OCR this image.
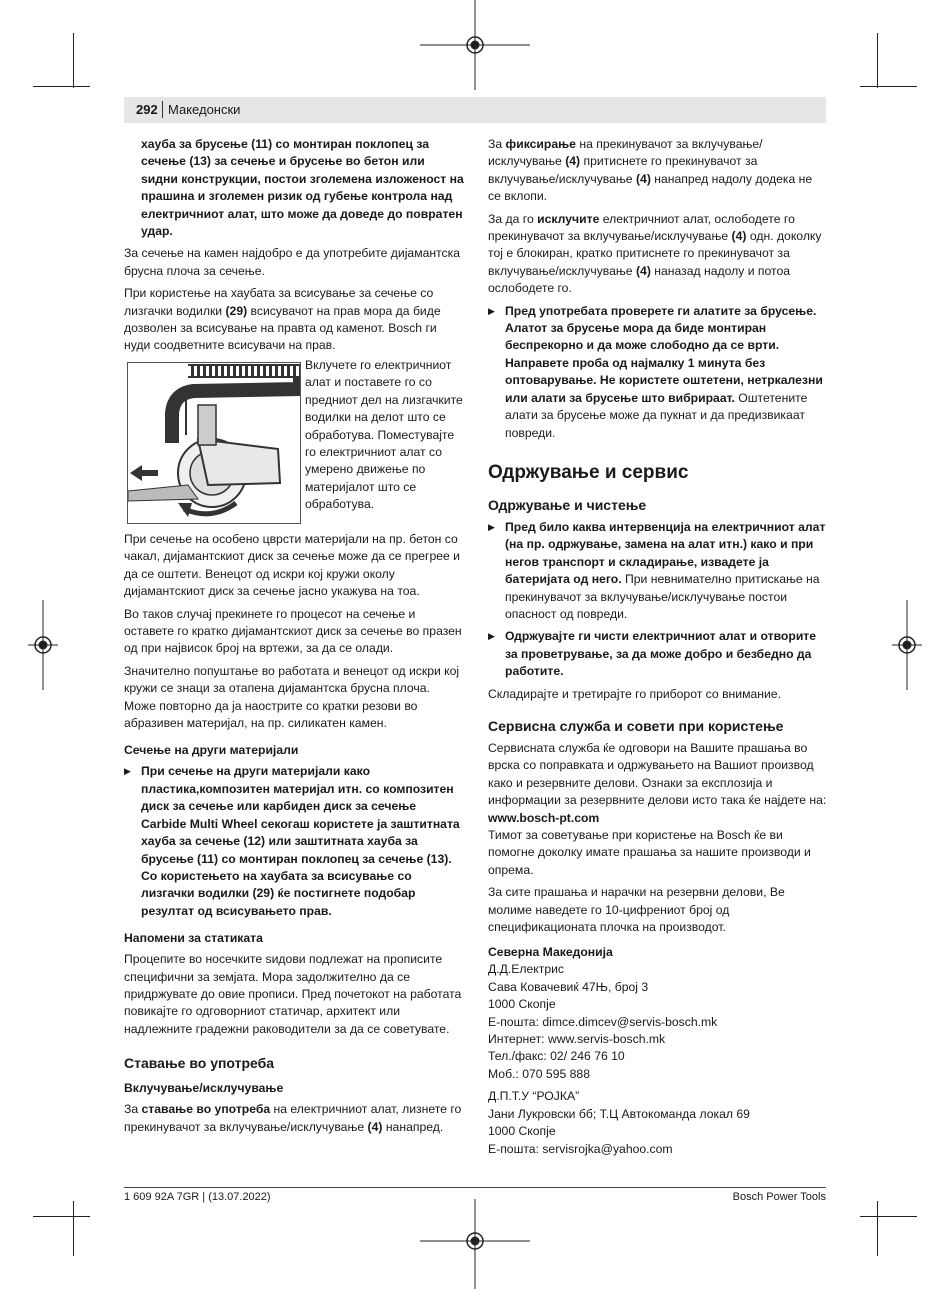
292 Македонски

хауба за брусење (11) со монтиран поклопец за сечење (13) за сечење и брусење во бетон или ѕидни конструкции, постои зголемена изложеност на прашина и зголемен ризик од губење контрола над електричниот алат, што може да доведе до повратен удар.

За сечење на камен најдобро е да употребите дијамантска брусна плоча за сечење.

При користење на хаубата за всисување за сечење со лизгачки водилки (29) всисувачот на прав мора да биде дозволен за всисување на правта од каменот. Bosch ги нуди соодветните всисувачи на прав.

Вклучете го електричниот алат и поставете го со предниот дел на лизгачките водилки на делот што се обработува. Поместувајте го електричниот алат со умерено движење по материјалот што се обработува.

При сечење на особено цврсти материјали на пр. бетон со чакал, дијамантскиот диск за сечење може да се прегрее и да се оштети. Венецот од искри кој кружи околу дијамантскиот диск за сечење јасно укажува на тоа.

Во таков случај прекинете го процесот на сечење и оставете го кратко дијамантскиот диск за сечење во празен од при највисок број на вртежи, за да се олади.

Значително попуштање во работата и венецот од искри кој кружи се знаци за отапена дијамантска брусна плоча. Може повторно да ја наострите со кратки резови во абразивен материјал, на пр. силикатен камен.

Сечење на други материјали

▶ При сечење на други материјали како пластика,композитен материјал итн. со композитен диск за сечење или карбиден диск за сечење Carbide Multi Wheel секогаш користете ја заштитната хауба за сечење (12) или заштитната хауба за брусење (11) со монтиран поклопец за сечење (13). Со користењето на хаубата за всисување со лизгачки водилки (29) ќе постигнете подобар резултат од всисувањето прав.

Напомени за статиката

Процепите во носечките ѕидови подлежат на прописите специфични за земјата. Мора задолжително да се придржувате до овие прописи. Пред почетокот на работата повикајте го одговорниот статичар, архитект или надлежните градежни раководители за да се советувате.

Ставање во употреба
Вклучување/исклучување

За ставање во употреба на електричниот алат, лизнете го прекинувачот за вклучување/исклучување (4) нанапред.

За фиксирање на прекинувачот за вклучување/исклучување (4) притиснете го прекинувачот за вклучување/исклучување (4) нанапред надолу додека не се вклопи.

За да го исклучите електричниот алат, ослободете го прекинувачот за вклучување/исклучување (4) одн. доколку тој е блокиран, кратко притиснете го прекинувачот за вклучување/исклучување (4) наназад надолу и потоа ослободете го.

▶ Пред употребата проверете ги алатите за брусење. Алатот за брусење мора да биде монтиран беспрекорно и да може слободно да се врти. Направете проба од најмалку 1 минута без оптоварување. Не користете оштетени, нетркалезни или алати за брусење што вибрираат. Оштетените алати за брусење може да пукнат и да предизвикаат повреди.

Одржување и сервис
Одржување и чистење

▶ Пред било каква интервенција на електричниот алат (на пр. одржување, замена на алат итн.) како и при негов транспорт и складирање, извадете ја батеријата од него. При невнимателно притискање на прекинувачот за вклучување/исклучување постои опасност од повреди.

▶ Одржувајте ги чисти електричниот алат и отворите за проветрување, за да може добро и безбедно да работите.

Складирајте и третирајте го приборот со внимание.

Сервисна служба и совети при користење

Сервисната служба ќе одговори на Вашите прашања во врска со поправката и одржувањето на Вашиот производ како и резервните делови. Ознаки за експлозија и информации за резервните делови исто така ќе најдете на: www.bosch-pt.com

Тимот за советување при користење на Bosch ќе ви помогне доколку имате прашања за нашите производи и опрема.

За сите прашања и нарачки на резервни делови, Ве молиме наведете го 10-цифрениот број од спецификационата плочка на производот.

Северна Македонија
Д.Д.Електрис
Сава Ковачевиќ 47Њ, број 3
1000 Скопје
Е-пошта: dimce.dimcev@servis-bosch.mk
Интернет: www.servis-bosch.mk
Тел./факс: 02/ 246 76 10
Моб.: 070 595 888
Д.П.Т.У “РОЈКА”
Јани Лукровски бб; Т.Ц Автокоманда локал 69
1000 Скопје
Е-пошта: servisrojka@yahoo.com
1 609 92A 7GR | (13.07.2022)	Bosch Power Tools
